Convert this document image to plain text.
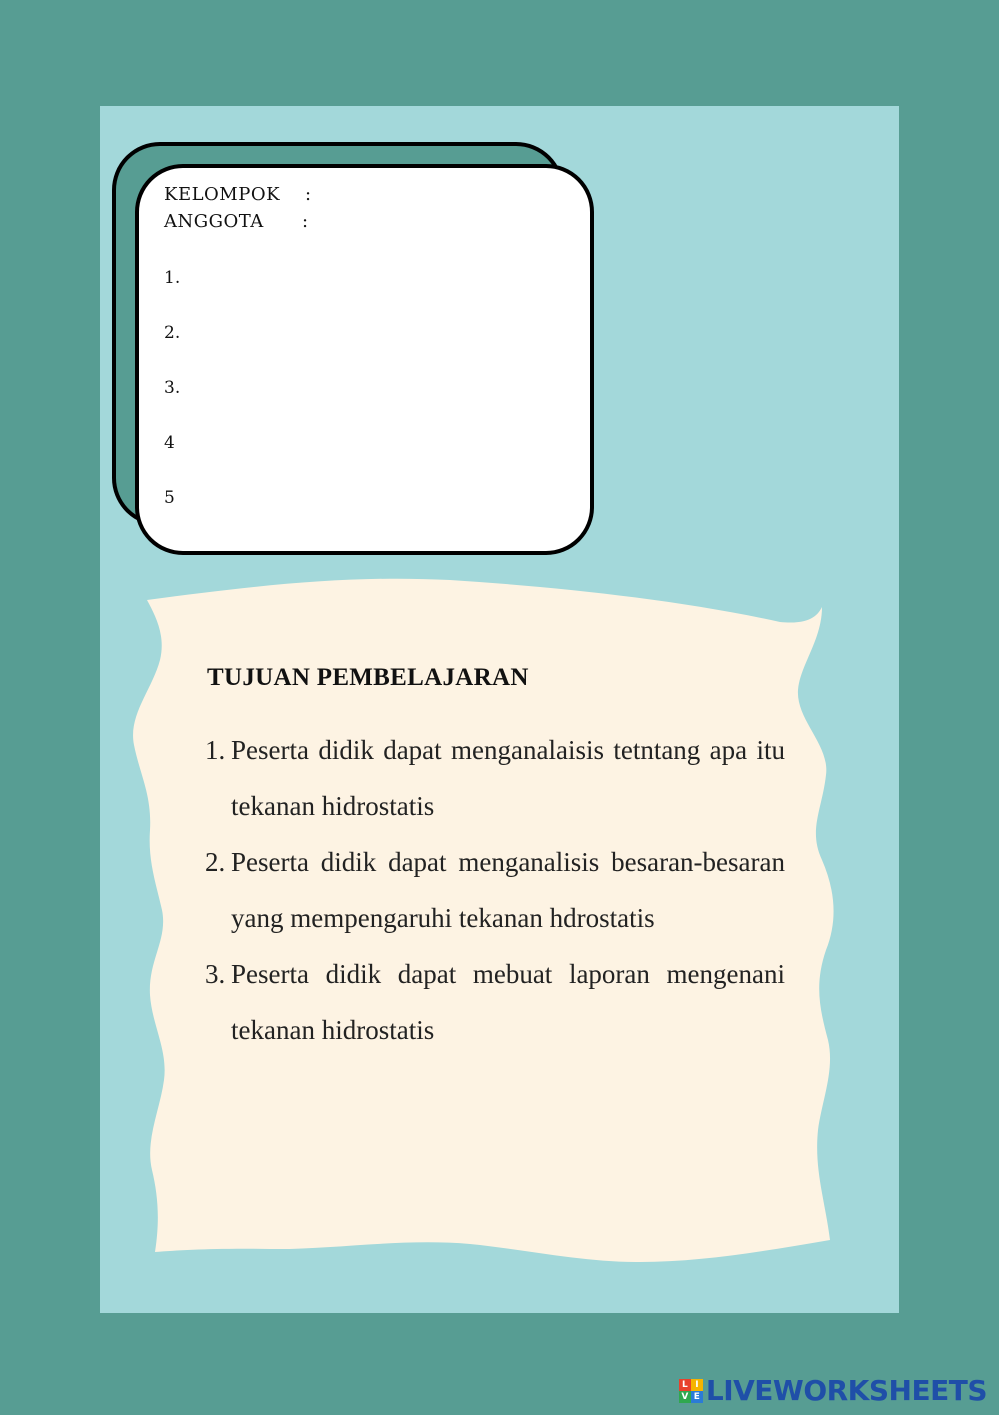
KELOMPOK :
ANGGOTA :
1.
2.
3.
4
5
TUJUAN PEMBELAJARAN
1. Peserta didik dapat menganalaisis tetntang apa itu tekanan hidrostatis
2. Peserta didik dapat menganalisis besaran-besaran yang mempengaruhi tekanan hdrostatis
3. Peserta didik dapat mebuat laporan mengenani tekanan hidrostatis
L I
V E LIVEWORKSHEETS
